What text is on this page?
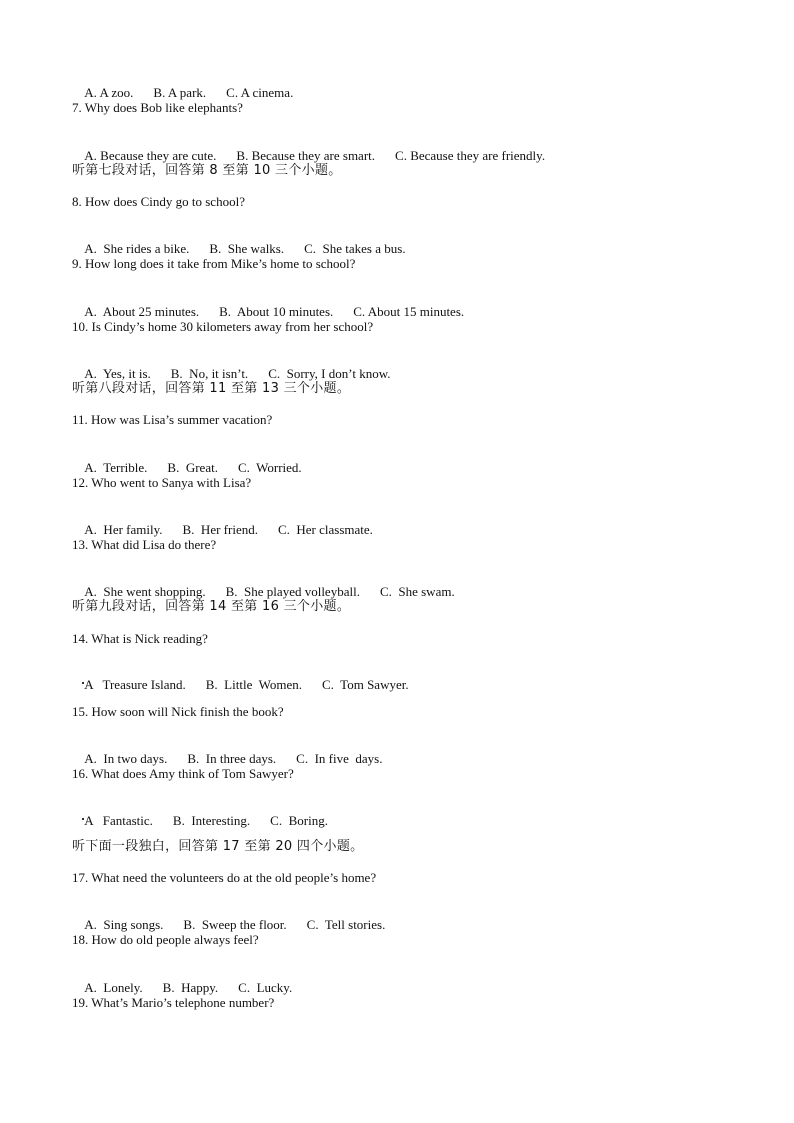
A. A zoo. B. A park. C. A cinema.

7. Why does Bob like elephants?

A. Because they are cute. B. Because they are smart. C. Because they are friendly.

听第七段对话，回答第 8 至第 10 三个小题。
8. How does Cindy go to school?

A.  She rides a bike. B.  She walks. C.  She takes a bus.

9. How long does it take from Mike’s home to school?

A.  About 25 minutes. B.  About 10 minutes. C. About 15 minutes.

10. Is Cindy’s home 30 kilometers away from her school?

A.  Yes, it is. B.  No, it isn’t. C.  Sorry, I don’t know.

听第八段对话，回答第 11 至第 13 三个小题。
11. How was Lisa’s summer vacation?

A.  Terrible. B.  Great. C.  Worried.

12. Who went to Sanya with Lisa?

A.  Her family. B.  Her friend. C.  Her classmate.

13. What did Lisa do there?

A.  She went shopping. B.  She played volleyball. C.  She swam.

听第九段对话，回答第 14 至第 16 三个小题。
14. What is Nick reading?

A   Treasure Island. B.  Little  Women. C.  Tom Sawyer.

15. How soon will Nick finish the book?

A.  In two days. B.  In three days. C.  In five  days.

16. What does Amy think of Tom Sawyer?

A   Fantastic. B.  Interesting. C.  Boring.

听下面一段独白，回答第 17 至第 20 四个小题。
17. What need the volunteers do at the old people’s home?

A.  Sing songs. B.  Sweep the floor. C.  Tell stories.

18. How do old people always feel?

A.  Lonely. B.  Happy. C.  Lucky.

19. What’s Mario’s telephone number?
